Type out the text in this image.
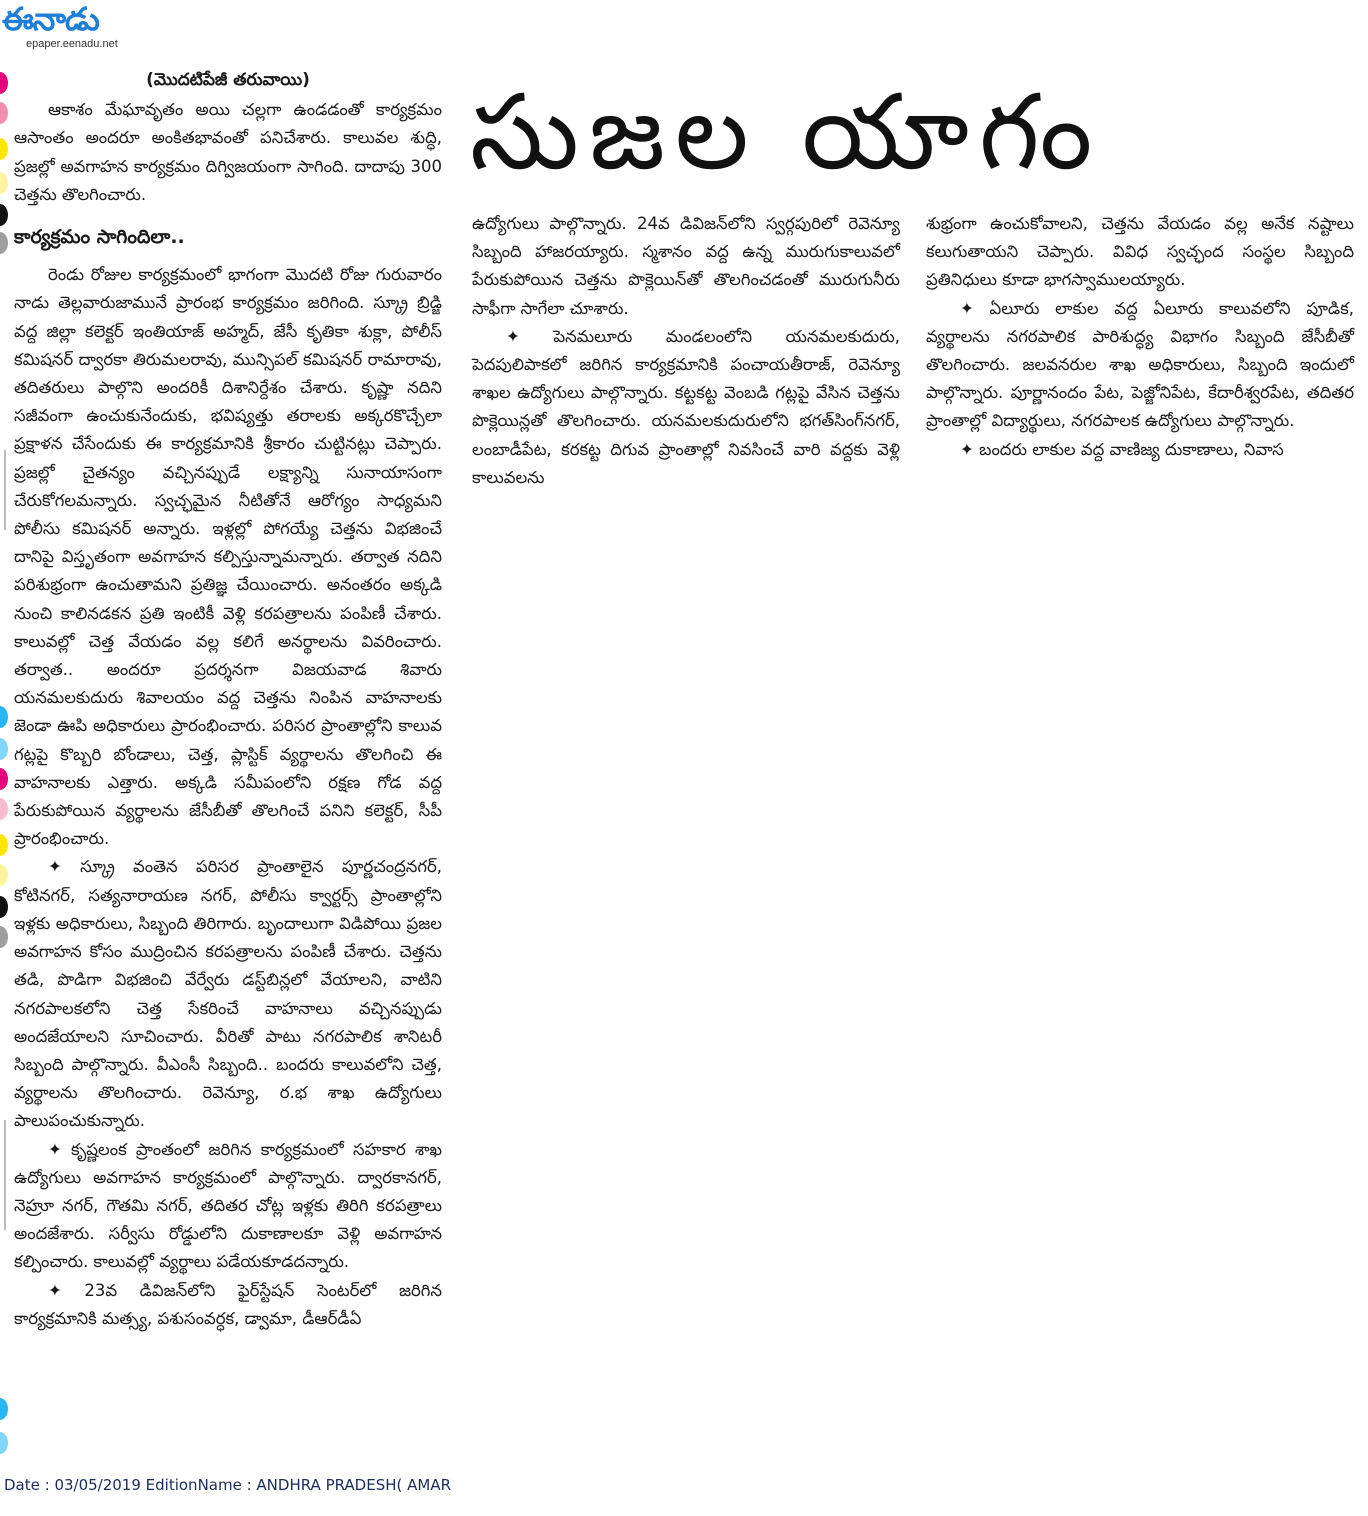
ఈనాడు
epaper.eenadu.net
సుజల యాగం
(మొదటిపేజీ తరువాయి)

ఆకాశం మేఘావృతం అయి చల్లగా ఉండడంతో కార్యక్రమం ఆసాంతం అందరూ అంకితభావంతో పనిచేశారు. కాలువల శుద్ధి, ప్రజల్లో అవగాహన కార్యక్రమం దిగ్విజయంగా సాగింది. దాదాపు 300 చెత్తను తొలగించారు.

కార్యక్రమం సాగిందిలా..

రెండు రోజుల కార్యక్రమంలో భాగంగా మొదటి రోజు గురువారం నాడు తెల్లవారుజామునే ప్రారంభ కార్యక్రమం జరిగింది. స్క్రూ బ్రిడ్జి వద్ద జిల్లా కలెక్టర్ ఇంతియాజ్ అహ్మద్, జేసీ కృతికా శుక్లా, పోలీస్ కమిషనర్ ద్వారకా తిరుమలరావు, మున్సిపల్ కమిషనర్ రామారావు, తదితరులు పాల్గొని అందరికీ దిశానిర్దేశం చేశారు. కృష్ణా నదిని సజీవంగా ఉంచుకునేందుకు, భవిష్యత్తు తరాలకు అక్కరకొచ్చేలా ప్రక్షాళన చేసేందుకు ఈ కార్యక్రమానికి శ్రీకారం చుట్టినట్లు చెప్పారు. ప్రజల్లో చైతన్యం వచ్చినప్పుడే లక్ష్యాన్ని సునాయాసంగా చేరుకోగలమన్నారు. స్వచ్ఛమైన నీటితోనే ఆరోగ్యం సాధ్యమని పోలీసు కమిషనర్ అన్నారు. ఇళ్లల్లో పోగయ్యే చెత్తను విభజించే దానిపై విస్తృతంగా అవగాహన కల్పిస్తున్నామన్నారు. తర్వాత నదిని పరిశుభ్రంగా ఉంచుతామని ప్రతిజ్ఞ చేయించారు. అనంతరం అక్కడి నుంచి కాలినడకన ప్రతి ఇంటికీ వెళ్లి కరపత్రాలను పంపిణీ చేశారు. కాలువల్లో చెత్త వేయడం వల్ల కలిగే అనర్థాలను వివరించారు. తర్వాత.. అందరూ ప్రదర్శనగా విజయవాడ శివారు యనమలకుదురు శివాలయం వద్ద చెత్తను నింపిన వాహనాలకు జెండా ఊపి అధికారులు ప్రారంభించారు. పరిసర ప్రాంతాల్లోని కాలువ గట్లపై కొబ్బరి బోండాలు, చెత్త, ప్లాస్టిక్ వ్యర్థాలను తొలగించి ఈ వాహనాలకు ఎత్తారు. అక్కడి సమీపంలోని రక్షణ గోడ వద్ద పేరుకుపోయిన వ్యర్థాలను జేసీబీతో తొలగించే పనిని కలెక్టర్, సీపీ ప్రారంభించారు.

✦ స్క్రూ వంతెన పరిసర ప్రాంతాలైన పూర్ణచంద్రనగర్, కోటినగర్, సత్యనారాయణ నగర్, పోలీసు క్వార్టర్స్ ప్రాంతాల్లోని ఇళ్లకు అధికారులు, సిబ్బంది తిరిగారు. బృందాలుగా విడిపోయి ప్రజల అవగాహన కోసం ముద్రించిన కరపత్రాలను పంపిణీ చేశారు. చెత్తను తడి, పొడిగా విభజించి వేర్వేరు డస్ట్‌బిన్లలో వేయాలని, వాటిని నగరపాలకలోని చెత్త సేకరించే వాహనాలు వచ్చినప్పుడు అందజేయాలని సూచించారు. వీరితో పాటు నగరపాలిక శానిటరీ సిబ్బంది పాల్గొన్నారు. వీఎంసీ సిబ్బంది.. బందరు కాలువలోని చెత్త, వ్యర్థాలను తొలగించారు. రెవెన్యూ, ర.భ శాఖ ఉద్యోగులు పాలుపంచుకున్నారు.

✦ కృష్ణలంక ప్రాంతంలో జరిగిన కార్యక్రమంలో సహకార శాఖ ఉద్యోగులు అవగాహన కార్యక్రమంలో పాల్గొన్నారు. ద్వారకానగర్, నెహ్రూ నగర్, గౌతమి నగర్, తదితర చోట్ల ఇళ్లకు తిరిగి కరపత్రాలు అందజేశారు. సర్వీసు రోడ్డులోని దుకాణాలకూ వెళ్లి అవగాహన కల్పించారు. కాలువల్లో వ్యర్థాలు పడేయకూడదన్నారు.

✦ 23వ డివిజన్‌లోని ఫైర్‌స్టేషన్ సెంటర్‌లో జరిగిన కార్యక్రమానికి మత్స్య, పశుసంవర్ధక, డ్వామా, డీఆర్‌డీఏ

ఉద్యోగులు పాల్గొన్నారు. 24వ డివిజన్‌లోని స్వర్గపురిలో రెవెన్యూ సిబ్బంది హాజరయ్యారు. స్మశానం వద్ద ఉన్న మురుగుకాలువలో పేరుకుపోయిన చెత్తను పొక్లెయిన్‌తో తొలగించడంతో మురుగునీరు సాఫీగా సాగేలా చూశారు.

✦ పెనమలూరు మండలంలోని యనమలకుదురు, పెదపులిపాకలో జరిగిన కార్యక్రమానికి పంచాయతీరాజ్, రెవెన్యూ శాఖల ఉద్యోగులు పాల్గొన్నారు. కట్టకట్ట వెంబడి గట్లపై వేసిన చెత్తను పొక్లెయిన్లతో తొలగించారు. యనమలకుదురులోని భగత్‌సింగ్‌నగర్, లంబాడీపేట, కరకట్ట దిగువ ప్రాంతాల్లో నివసించే వారి వద్దకు వెళ్లి కాలువలను

శుభ్రంగా ఉంచుకోవాలని, చెత్తను వేయడం వల్ల అనేక నష్టాలు కలుగుతాయని చెప్పారు. వివిధ స్వచ్ఛంద సంస్థల సిబ్బంది ప్రతినిధులు కూడా భాగస్వాములయ్యారు.

✦ ఏలూరు లాకుల వద్ద ఏలూరు కాలువలోని పూడిక, వ్యర్థాలను నగరపాలిక పారిశుద్ధ్య విభాగం సిబ్బంది జేసీబీతో తొలగించారు. జలవనరుల శాఖ అధికారులు, సిబ్బంది ఇందులో పాల్గొన్నారు. పూర్ణానందం పేట, పెజ్జోనిపేట, కేదారీశ్వరపేట, తదితర ప్రాంతాల్లో విద్యార్థులు, నగరపాలక ఉద్యోగులు పాల్గొన్నారు.

✦ బందరు లాకుల వద్ద వాణిజ్య దుకాణాలు, నివాస

Date : 03/05/2019 EditionName : ANDHRA PRADESH( AMAR
